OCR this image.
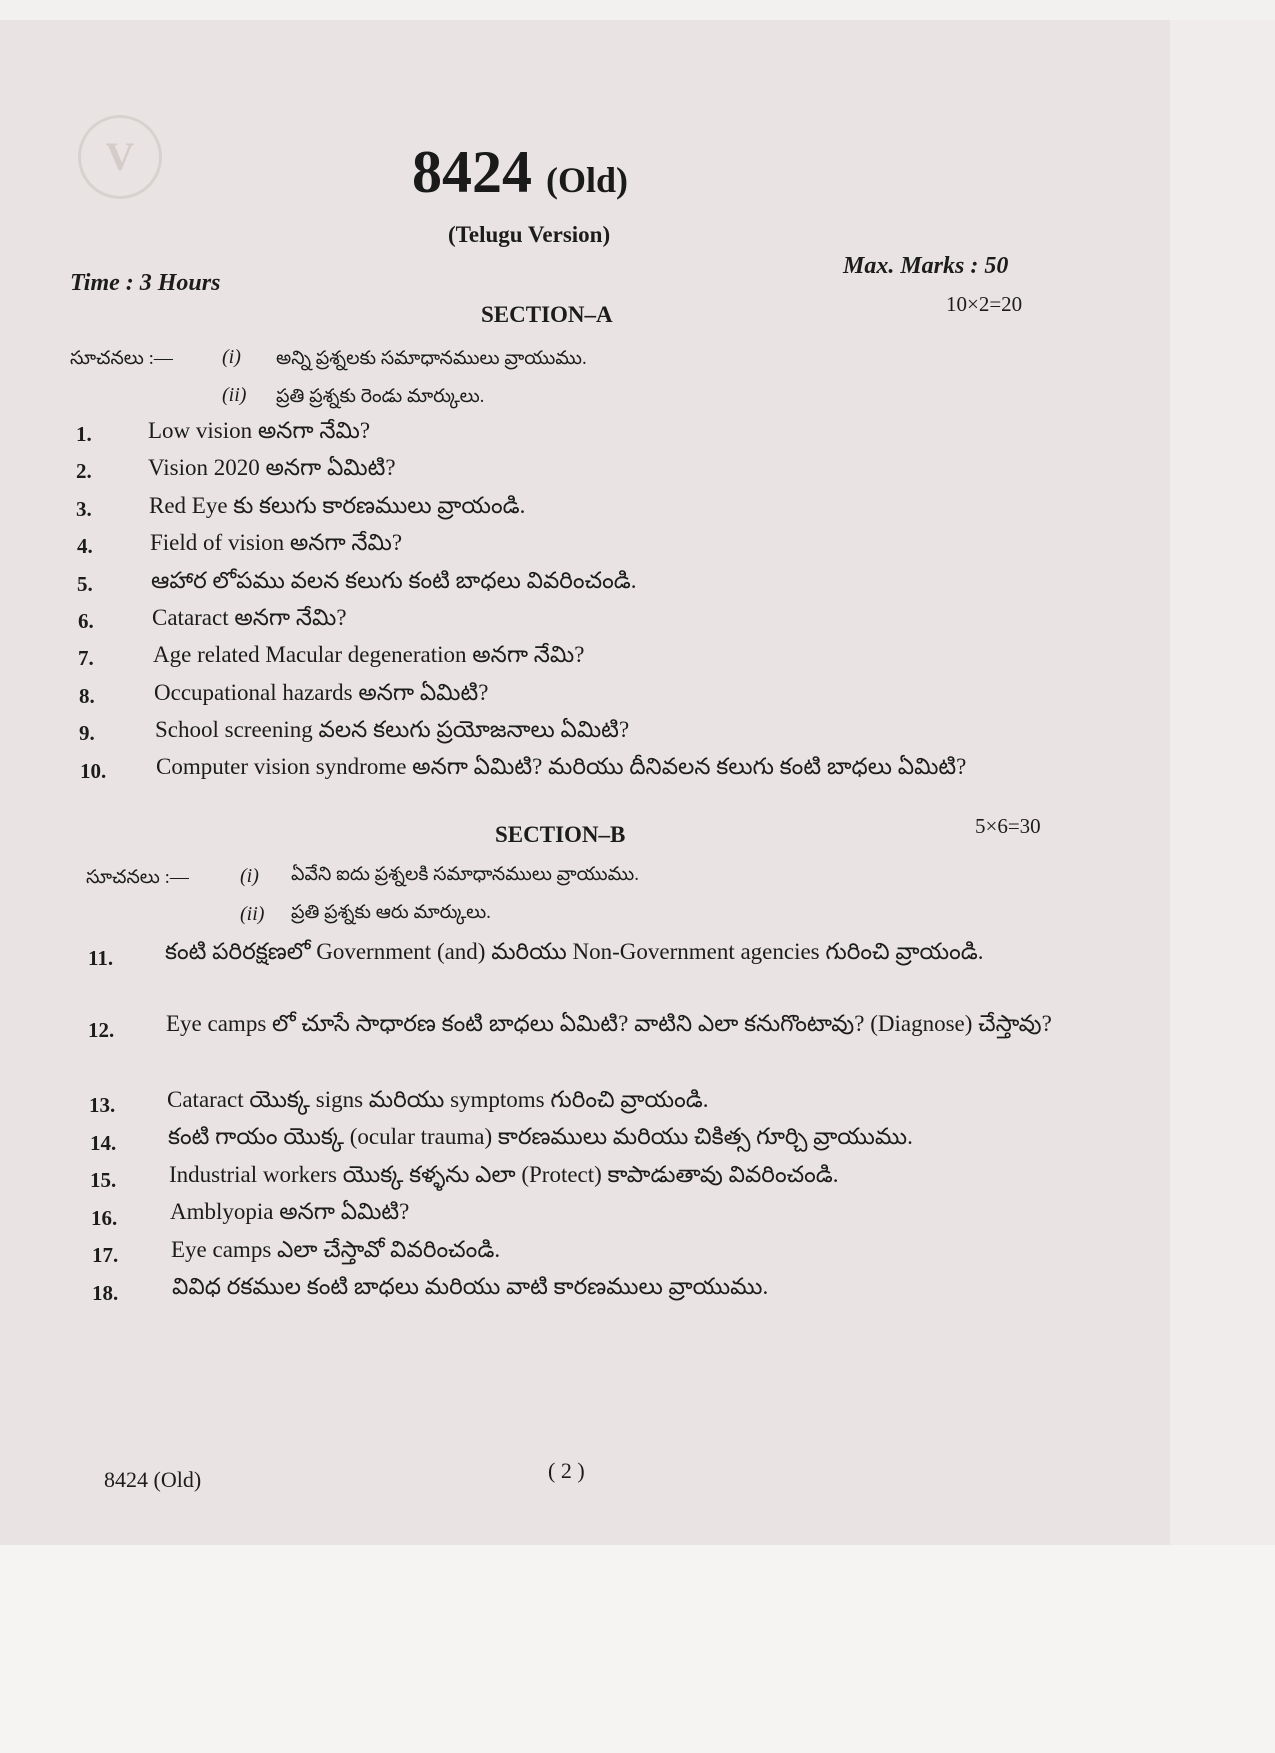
V	8424 (Old)
(Telugu Version)
Time : 3 Hours
Max. Marks : 50
SECTION–A	10×2=20
సూచనలు :— (i) అన్ని ప్రశ్నలకు సమాధానములు వ్రాయుము.
(ii) ప్రతి ప్రశ్నకు రెండు మార్కులు.
1. Low vision అనగా నేమి?
2. Vision 2020 అనగా ఏమిటి?
3. Red Eye కు కలుగు కారణములు వ్రాయండి.
4. Field of vision అనగా నేమి?
5.	ఆహార లోపము వలన కలుగు కంటి బాధలు వివరించండి.
6.	Cataract అనగా నేమి?
7.	Age related Macular degeneration అనగా నేమి?
8.	Occupational hazards అనగా ఏమిటి?
9.	School screening వలన కలుగు ప్రయోజనాలు ఏమిటి?
10. Computer vision syndrome అనగా ఏమిటి? మరియు దీనివలన కలుగు కంటి బాధలు ఏమిటి?
SECTION–B	5×6=30
సూచనలు :—	(i) ఏవేని ఐదు ప్రశ్నలకి సమాధానములు వ్రాయుము.
(ii) ప్రతి ప్రశ్నకు ఆరు మార్కులు.
11. కంటి పరిరక్షణలో Government (and) మరియు Non-Government agencies గురించి వ్రాయండి.
12. Eye camps లో చూసే సాధారణ కంటి బాధలు ఏమిటి? వాటిని ఎలా కనుగొంటావు? (Diagnose) చేస్తావు?
13. Cataract యొక్క signs మరియు symptoms గురించి వ్రాయండి.
14. కంటి గాయం యొక్క (ocular trauma) కారణములు మరియు చికిత్స గూర్చి వ్రాయుము.
15. Industrial workers యొక్క కళ్ళను ఎలా (Protect) కాపాడుతావు వివరించండి.
16. Amblyopia అనగా ఏమిటి?
17. Eye camps ఎలా చేస్తావో వివరించండి.
18. వివిధ రకముల కంటి బాధలు మరియు వాటి కారణములు వ్రాయుము.
8424 (Old)	( 2 )
